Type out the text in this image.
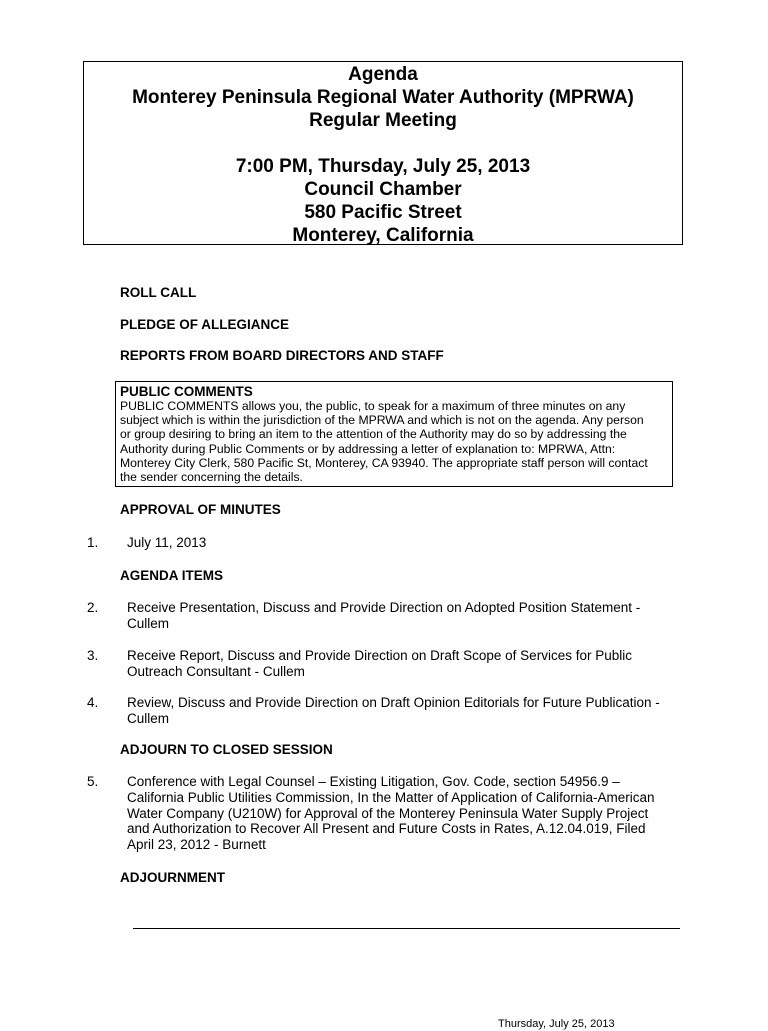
Agenda
Monterey Peninsula Regional Water Authority (MPRWA)
Regular Meeting
7:00 PM, Thursday, July 25, 2013
Council Chamber
580 Pacific Street
Monterey, California
ROLL CALL
PLEDGE OF ALLEGIANCE
REPORTS FROM BOARD DIRECTORS AND STAFF
PUBLIC COMMENTS
PUBLIC COMMENTS allows you, the public, to speak for a maximum of three minutes on any
subject which is within the jurisdiction of the MPRWA and which is not on the agenda. Any person
or group desiring to bring an item to the attention of the Authority may do so by addressing the
Authority during Public Comments or by addressing a letter of explanation to: MPRWA, Attn:
Monterey City Clerk, 580 Pacific St, Monterey, CA 93940. The appropriate staff person will contact
the sender concerning the details.
APPROVAL OF MINUTES
1. July 11, 2013
AGENDA ITEMS
2. Receive Presentation, Discuss and Provide Direction on Adopted Position Statement -
Cullem
3. Receive Report, Discuss and Provide Direction on Draft Scope of Services for Public
Outreach Consultant - Cullem
4. Review, Discuss and Provide Direction on Draft Opinion Editorials for Future Publication -
Cullem
ADJOURN TO CLOSED SESSION
5. Conference with Legal Counsel – Existing Litigation, Gov. Code, section 54956.9 –
California Public Utilities Commission, In the Matter of Application of California-American
Water Company (U210W) for Approval of the Monterey Peninsula Water Supply Project
and Authorization to Recover All Present and Future Costs in Rates, A.12.04.019, Filed
April 23, 2012 - Burnett
ADJOURNMENT
Thursday, July 25, 2013
